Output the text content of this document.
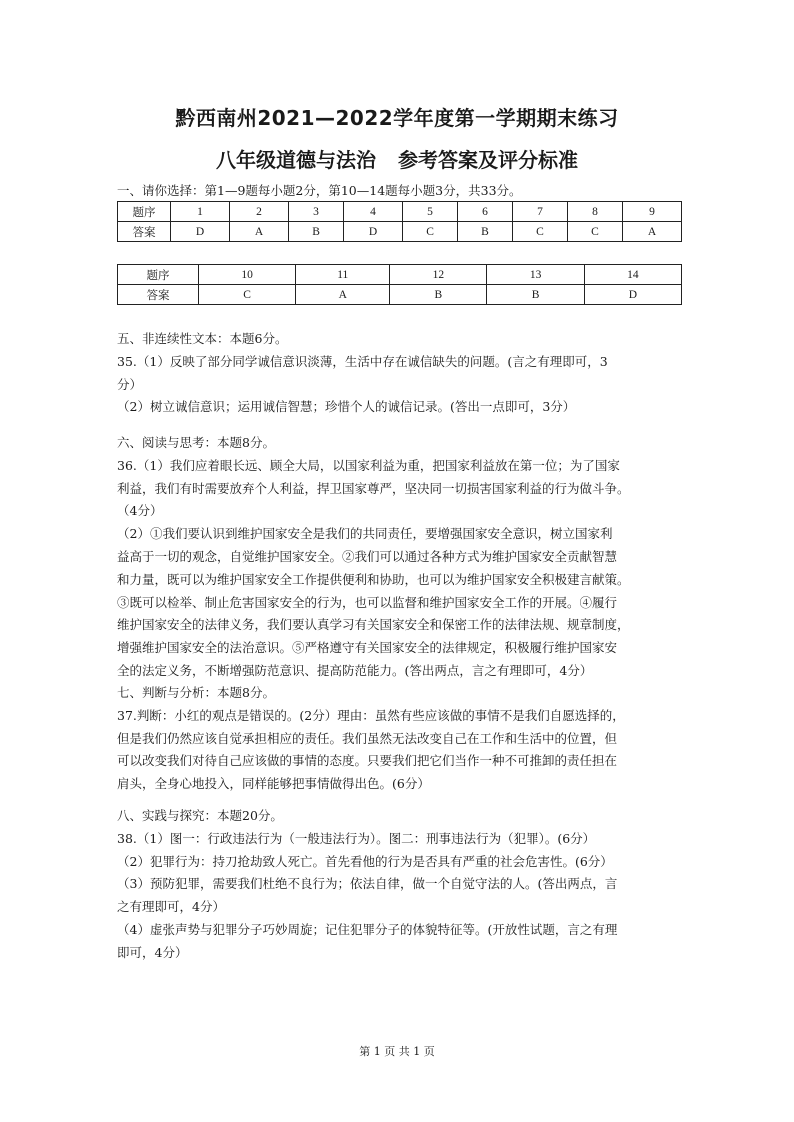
黔西南州2021—2022学年度第一学期期末练习
八年级道德与法治 参考答案及评分标准
一、请你选择：第1—9题每小题2分，第10—14题每小题3分，共33分。
题序	1	2	3	4	5	6	7	8	9
答案	D	A	B	D	C	B	C	C	A
题序	10	11	12	13	14
答案	C	A	B	B	D
五、非连续性文本：本题6分。
35.（1）反映了部分同学诚信意识淡薄，生活中存在诚信缺失的问题。(言之有理即可，3
分）
（2）树立诚信意识；运用诚信智慧；珍惜个人的诚信记录。(答出一点即可，3分）
六、阅读与思考：本题8分。
36.（1）我们应着眼长远、顾全大局，以国家利益为重，把国家利益放在第一位；为了国家
利益，我们有时需要放弃个人利益，捍卫国家尊严，坚决同一切损害国家利益的行为做斗争。
（4分）
（2）①我们要认识到维护国家安全是我们的共同责任，要增强国家安全意识，树立国家利
益高于一切的观念，自觉维护国家安全。②我们可以通过各种方式为维护国家安全贡献智慧
和力量，既可以为维护国家安全工作提供便利和协助，也可以为维护国家安全积极建言献策。
③既可以检举、制止危害国家安全的行为，也可以监督和维护国家安全工作的开展。④履行
维护国家安全的法律义务，我们要认真学习有关国家安全和保密工作的法律法规、规章制度，
增强维护国家安全的法治意识。⑤严格遵守有关国家安全的法律规定，积极履行维护国家安
全的法定义务，不断增强防范意识、提高防范能力。(答出两点，言之有理即可，4分）
七、判断与分析：本题8分。
37.判断：小红的观点是错误的。(2分）理由：虽然有些应该做的事情不是我们自愿选择的，
但是我们仍然应该自觉承担相应的责任。我们虽然无法改变自己在工作和生活中的位置，但
可以改变我们对待自己应该做的事情的态度。只要我们把它们当作一种不可推卸的责任担在
肩头，全身心地投入，同样能够把事情做得出色。(6分）
八、实践与探究：本题20分。
38.（1）图一：行政违法行为（一般违法行为）。图二：刑事违法行为（犯罪）。(6分）
（2）犯罪行为：持刀抢劫致人死亡。首先看他的行为是否具有严重的社会危害性。(6分）
（3）预防犯罪，需要我们杜绝不良行为；依法自律，做一个自觉守法的人。(答出两点，言
之有理即可，4分）
（4）虚张声势与犯罪分子巧妙周旋；记住犯罪分子的体貌特征等。(开放性试题，言之有理
即可，4分）
第 1 页 共 1 页
